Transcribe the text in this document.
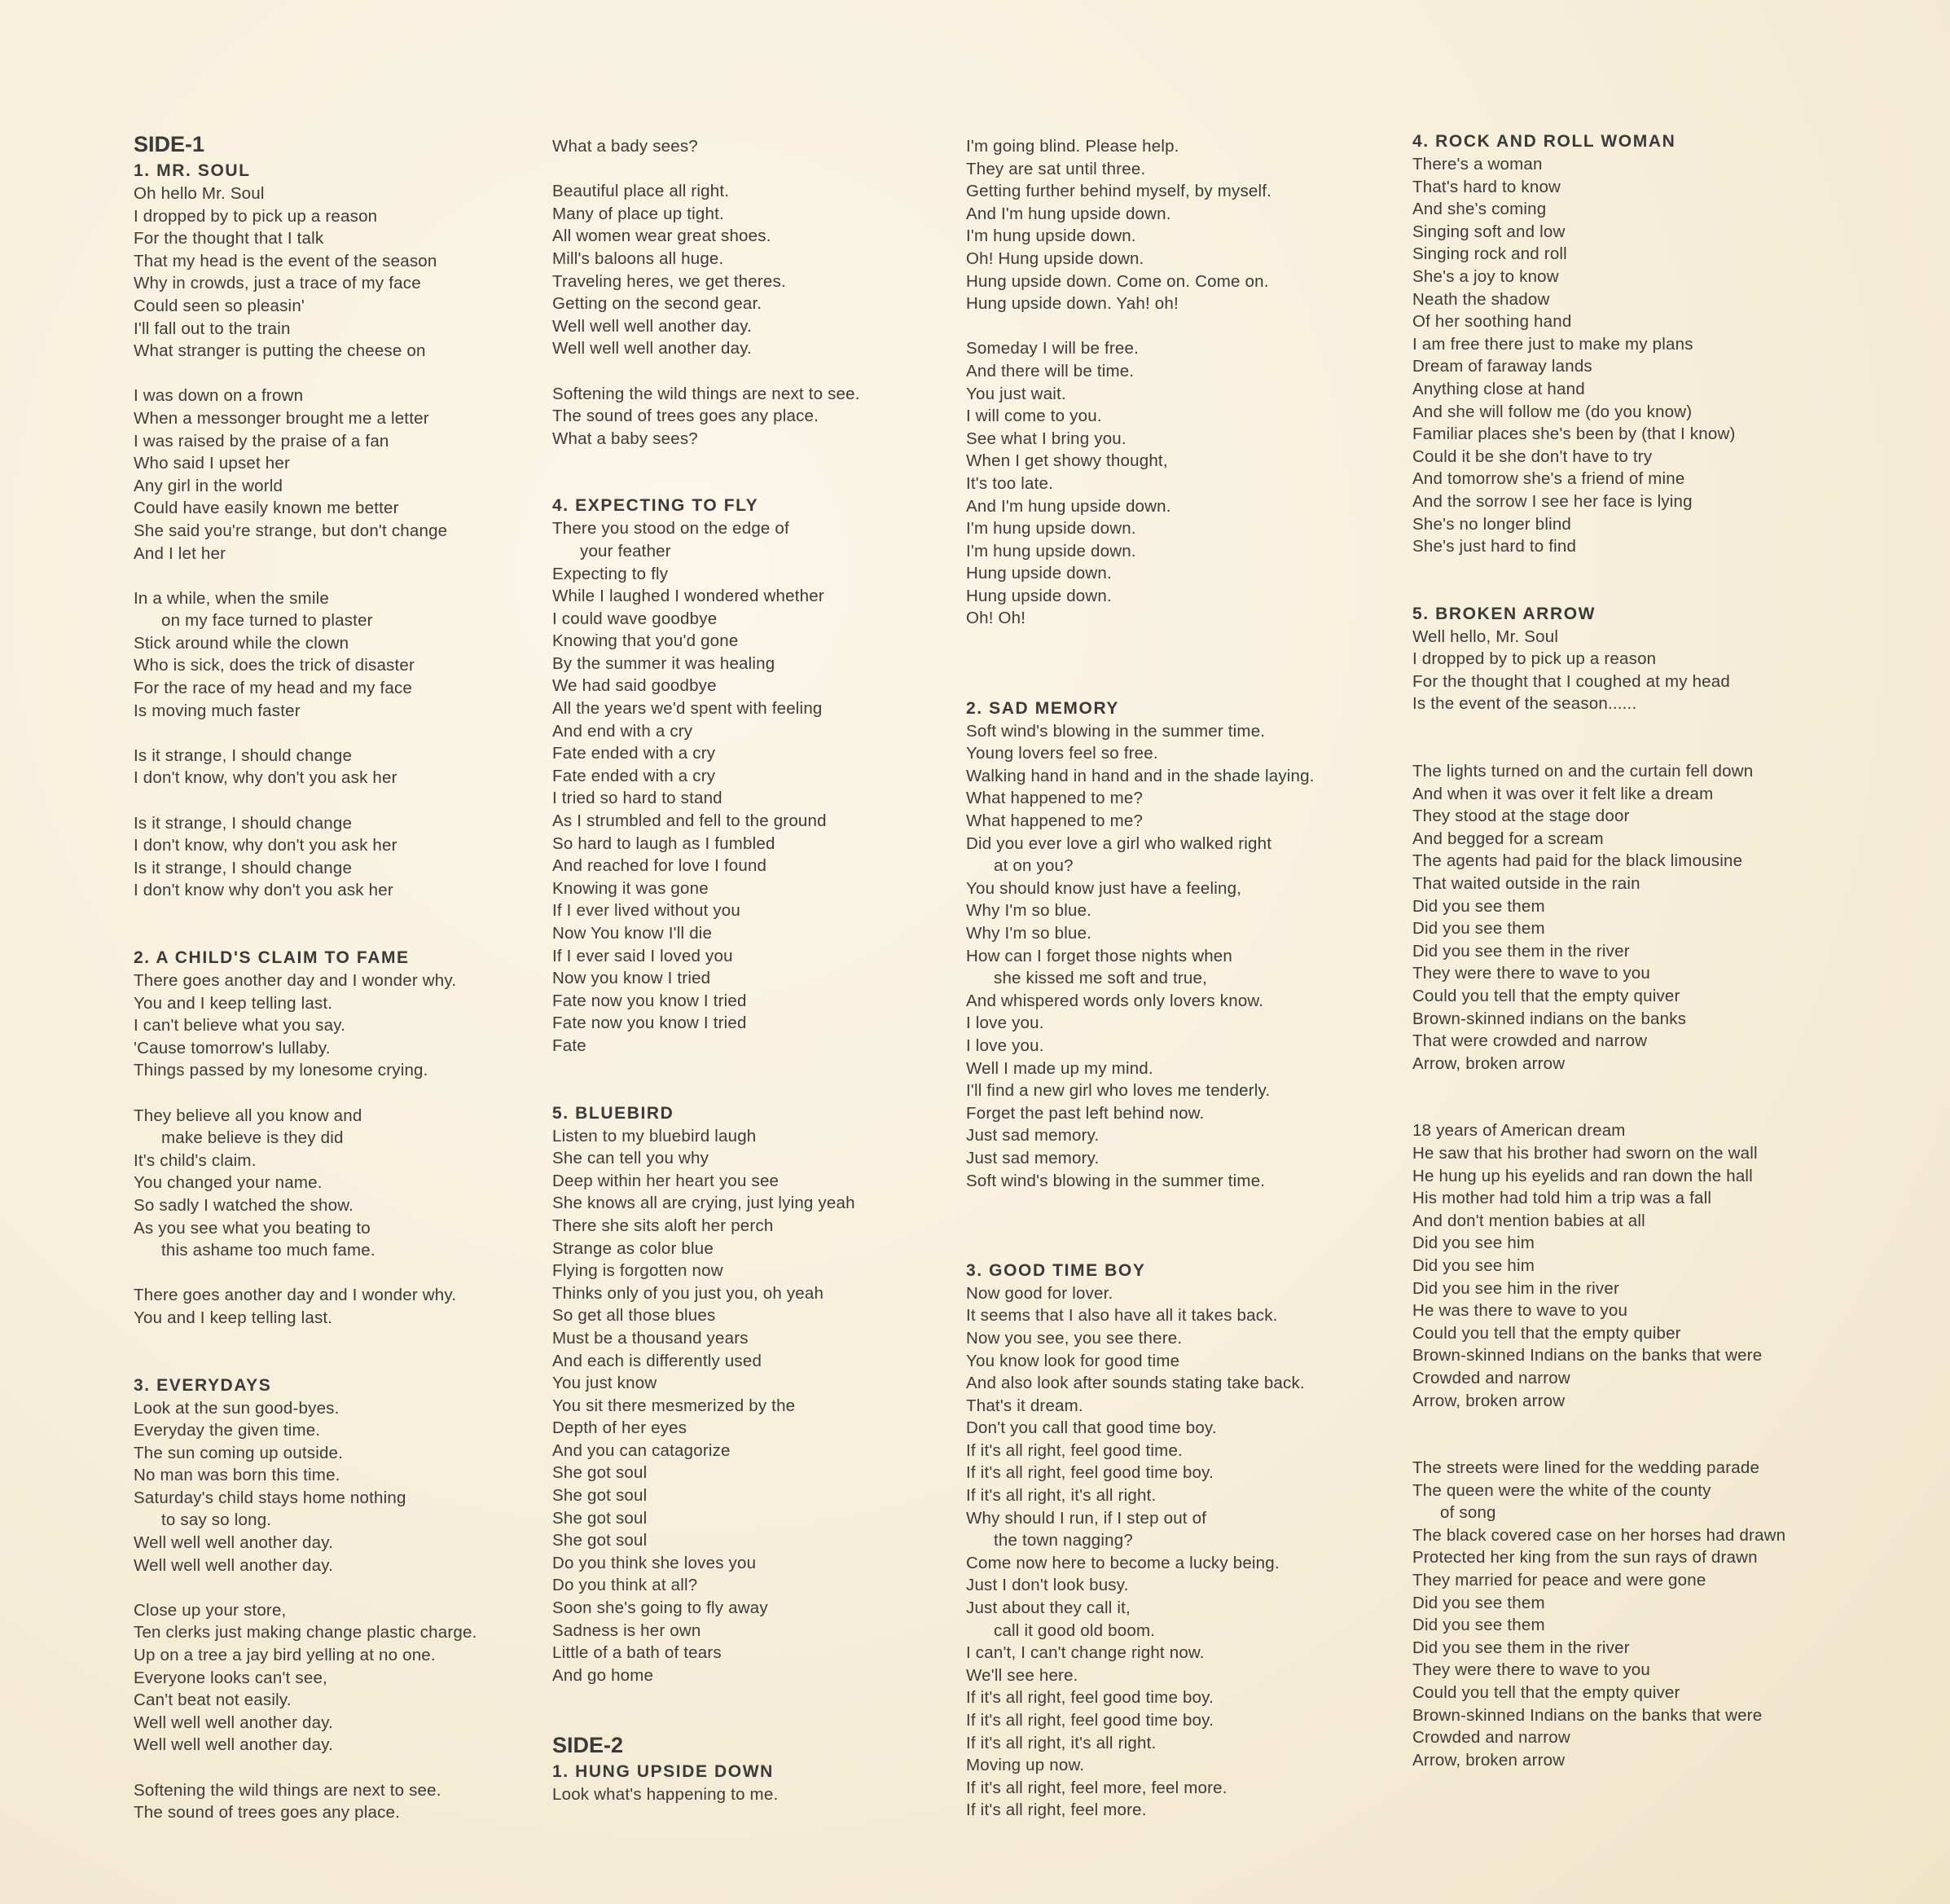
SIDE-1
1. MR. SOUL
Oh hello Mr. Soul
I dropped by to pick up a reason
For the thought that I talk
That my head is the event of the season
Why in crowds, just a trace of my face
Could seen so pleasin'
I'll fall out to the train
What stranger is putting the cheese on
I was down on a frown
When a messonger brought me a letter
I was raised by the praise of a fan
Who said I upset her
Any girl in the world
Could have easily known me better
She said you're strange, but don't change
And I let her
In a while, when the smile
on my face turned to plaster
Stick around while the clown
Who is sick, does the trick of disaster
For the race of my head and my face
Is moving much faster
Is it strange, I should change
I don't know, why don't you ask her
Is it strange, I should change
I don't know, why don't you ask her
Is it strange, I should change
I don't know why don't you ask her
2. A CHILD'S CLAIM TO FAME
There goes another day and I wonder why.
You and I keep telling last.
I can't believe what you say.
'Cause tomorrow's lullaby.
Things passed by my lonesome crying.
They believe all you know and
make believe is they did
It's child's claim.
You changed your name.
So sadly I watched the show.
As you see what you beating to
this ashame too much fame.
There goes another day and I wonder why.
You and I keep telling last.
3. EVERYDAYS
Look at the sun good-byes.
Everyday the given time.
The sun coming up outside.
No man was born this time.
Saturday's child stays home nothing
to say so long.
Well well well another day.
Well well well another day.
Close up your store,
Ten clerks just making change plastic charge.
Up on a tree a jay bird yelling at no one.
Everyone looks can't see,
Can't beat not easily.
Well well well another day.
Well well well another day.
Softening the wild things are next to see.
The sound of trees goes any place.
What a bady sees?
Beautiful place all right.
Many of place up tight.
All women wear great shoes.
Mill's baloons all huge.
Traveling heres, we get theres.
Getting on the second gear.
Well well well another day.
Well well well another day.
Softening the wild things are next to see.
The sound of trees goes any place.
What a baby sees?
4. EXPECTING TO FLY
There you stood on the edge of
your feather
Expecting to fly
While I laughed I wondered whether
I could wave goodbye
Knowing that you'd gone
By the summer it was healing
We had said goodbye
All the years we'd spent with feeling
And end with a cry
Fate ended with a cry
Fate ended with a cry
I tried so hard to stand
As I strumbled and fell to the ground
So hard to laugh as I fumbled
And reached for love I found
Knowing it was gone
If I ever lived without you
Now You know I'll die
If I ever said I loved you
Now you know I tried
Fate now you know I tried
Fate now you know I tried
Fate
5. BLUEBIRD
Listen to my bluebird laugh
She can tell you why
Deep within her heart you see
She knows all are crying, just lying yeah
There she sits aloft her perch
Strange as color blue
Flying is forgotten now
Thinks only of you just you, oh yeah
So get all those blues
Must be a thousand years
And each is differently used
You just know
You sit there mesmerized by the
Depth of her eyes
And you can catagorize
She got soul
She got soul
She got soul
She got soul
Do you think she loves you
Do you think at all?
Soon she's going to fly away
Sadness is her own
Little of a bath of tears
And go home
SIDE-2
1. HUNG UPSIDE DOWN
Look what's happening to me.
I'm going blind. Please help.
They are sat until three.
Getting further behind myself, by myself.
And I'm hung upside down.
I'm hung upside down.
Oh! Hung upside down.
Hung upside down. Come on. Come on.
Hung upside down. Yah! oh!
Someday I will be free.
And there will be time.
You just wait.
I will come to you.
See what I bring you.
When I get showy thought,
It's too late.
And I'm hung upside down.
I'm hung upside down.
I'm hung upside down.
Hung upside down.
Hung upside down.
Oh! Oh!
2. SAD MEMORY
Soft wind's blowing in the summer time.
Young lovers feel so free.
Walking hand in hand and in the shade laying.
What happened to me?
What happened to me?
Did you ever love a girl who walked right
at on you?
You should know just have a feeling,
Why I'm so blue.
Why I'm so blue.
How can I forget those nights when
she kissed me soft and true,
And whispered words only lovers know.
I love you.
I love you.
Well I made up my mind.
I'll find a new girl who loves me tenderly.
Forget the past left behind now.
Just sad memory.
Just sad memory.
Soft wind's blowing in the summer time.
3. GOOD TIME BOY
Now good for lover.
It seems that I also have all it takes back.
Now you see, you see there.
You know look for good time
And also look after sounds stating take back.
That's it dream.
Don't you call that good time boy.
If it's all right, feel good time.
If it's all right, feel good time boy.
If it's all right, it's all right.
Why should I run, if I step out of
the town nagging?
Come now here to become a lucky being.
Just I don't look busy.
Just about they call it,
call it good old boom.
I can't, I can't change right now.
We'll see here.
If it's all right, feel good time boy.
If it's all right, feel good time boy.
If it's all right, it's all right.
Moving up now.
If it's all right, feel more, feel more.
If it's all right, feel more.
4. ROCK AND ROLL WOMAN
There's a woman
That's hard to know
And she's coming
Singing soft and low
Singing rock and roll
She's a joy to know
Neath the shadow
Of her soothing hand
I am free there just to make my plans
Dream of faraway lands
Anything close at hand
And she will follow me (do you know)
Familiar places she's been by (that I know)
Could it be she don't have to try
And tomorrow she's a friend of mine
And the sorrow I see her face is lying
She's no longer blind
She's just hard to find
5. BROKEN ARROW
Well hello, Mr. Soul
I dropped by to pick up a reason
For the thought that I coughed at my head
Is the event of the season......
The lights turned on and the curtain fell down
And when it was over it felt like a dream
They stood at the stage door
And begged for a scream
The agents had paid for the black limousine
That waited outside in the rain
Did you see them
Did you see them
Did you see them in the river
They were there to wave to you
Could you tell that the empty quiver
Brown-skinned indians on the banks
That were crowded and narrow
Arrow, broken arrow
18 years of American dream
He saw that his brother had sworn on the wall
He hung up his eyelids and ran down the hall
His mother had told him a trip was a fall
And don't mention babies at all
Did you see him
Did you see him
Did you see him in the river
He was there to wave to you
Could you tell that the empty quiber
Brown-skinned Indians on the banks that were
Crowded and narrow
Arrow, broken arrow
The streets were lined for the wedding parade
The queen were the white of the county
of song
The black covered case on her horses had drawn
Protected her king from the sun rays of drawn
They married for peace and were gone
Did you see them
Did you see them
Did you see them in the river
They were there to wave to you
Could you tell that the empty quiver
Brown-skinned Indians on the banks that were
Crowded and narrow
Arrow, broken arrow
